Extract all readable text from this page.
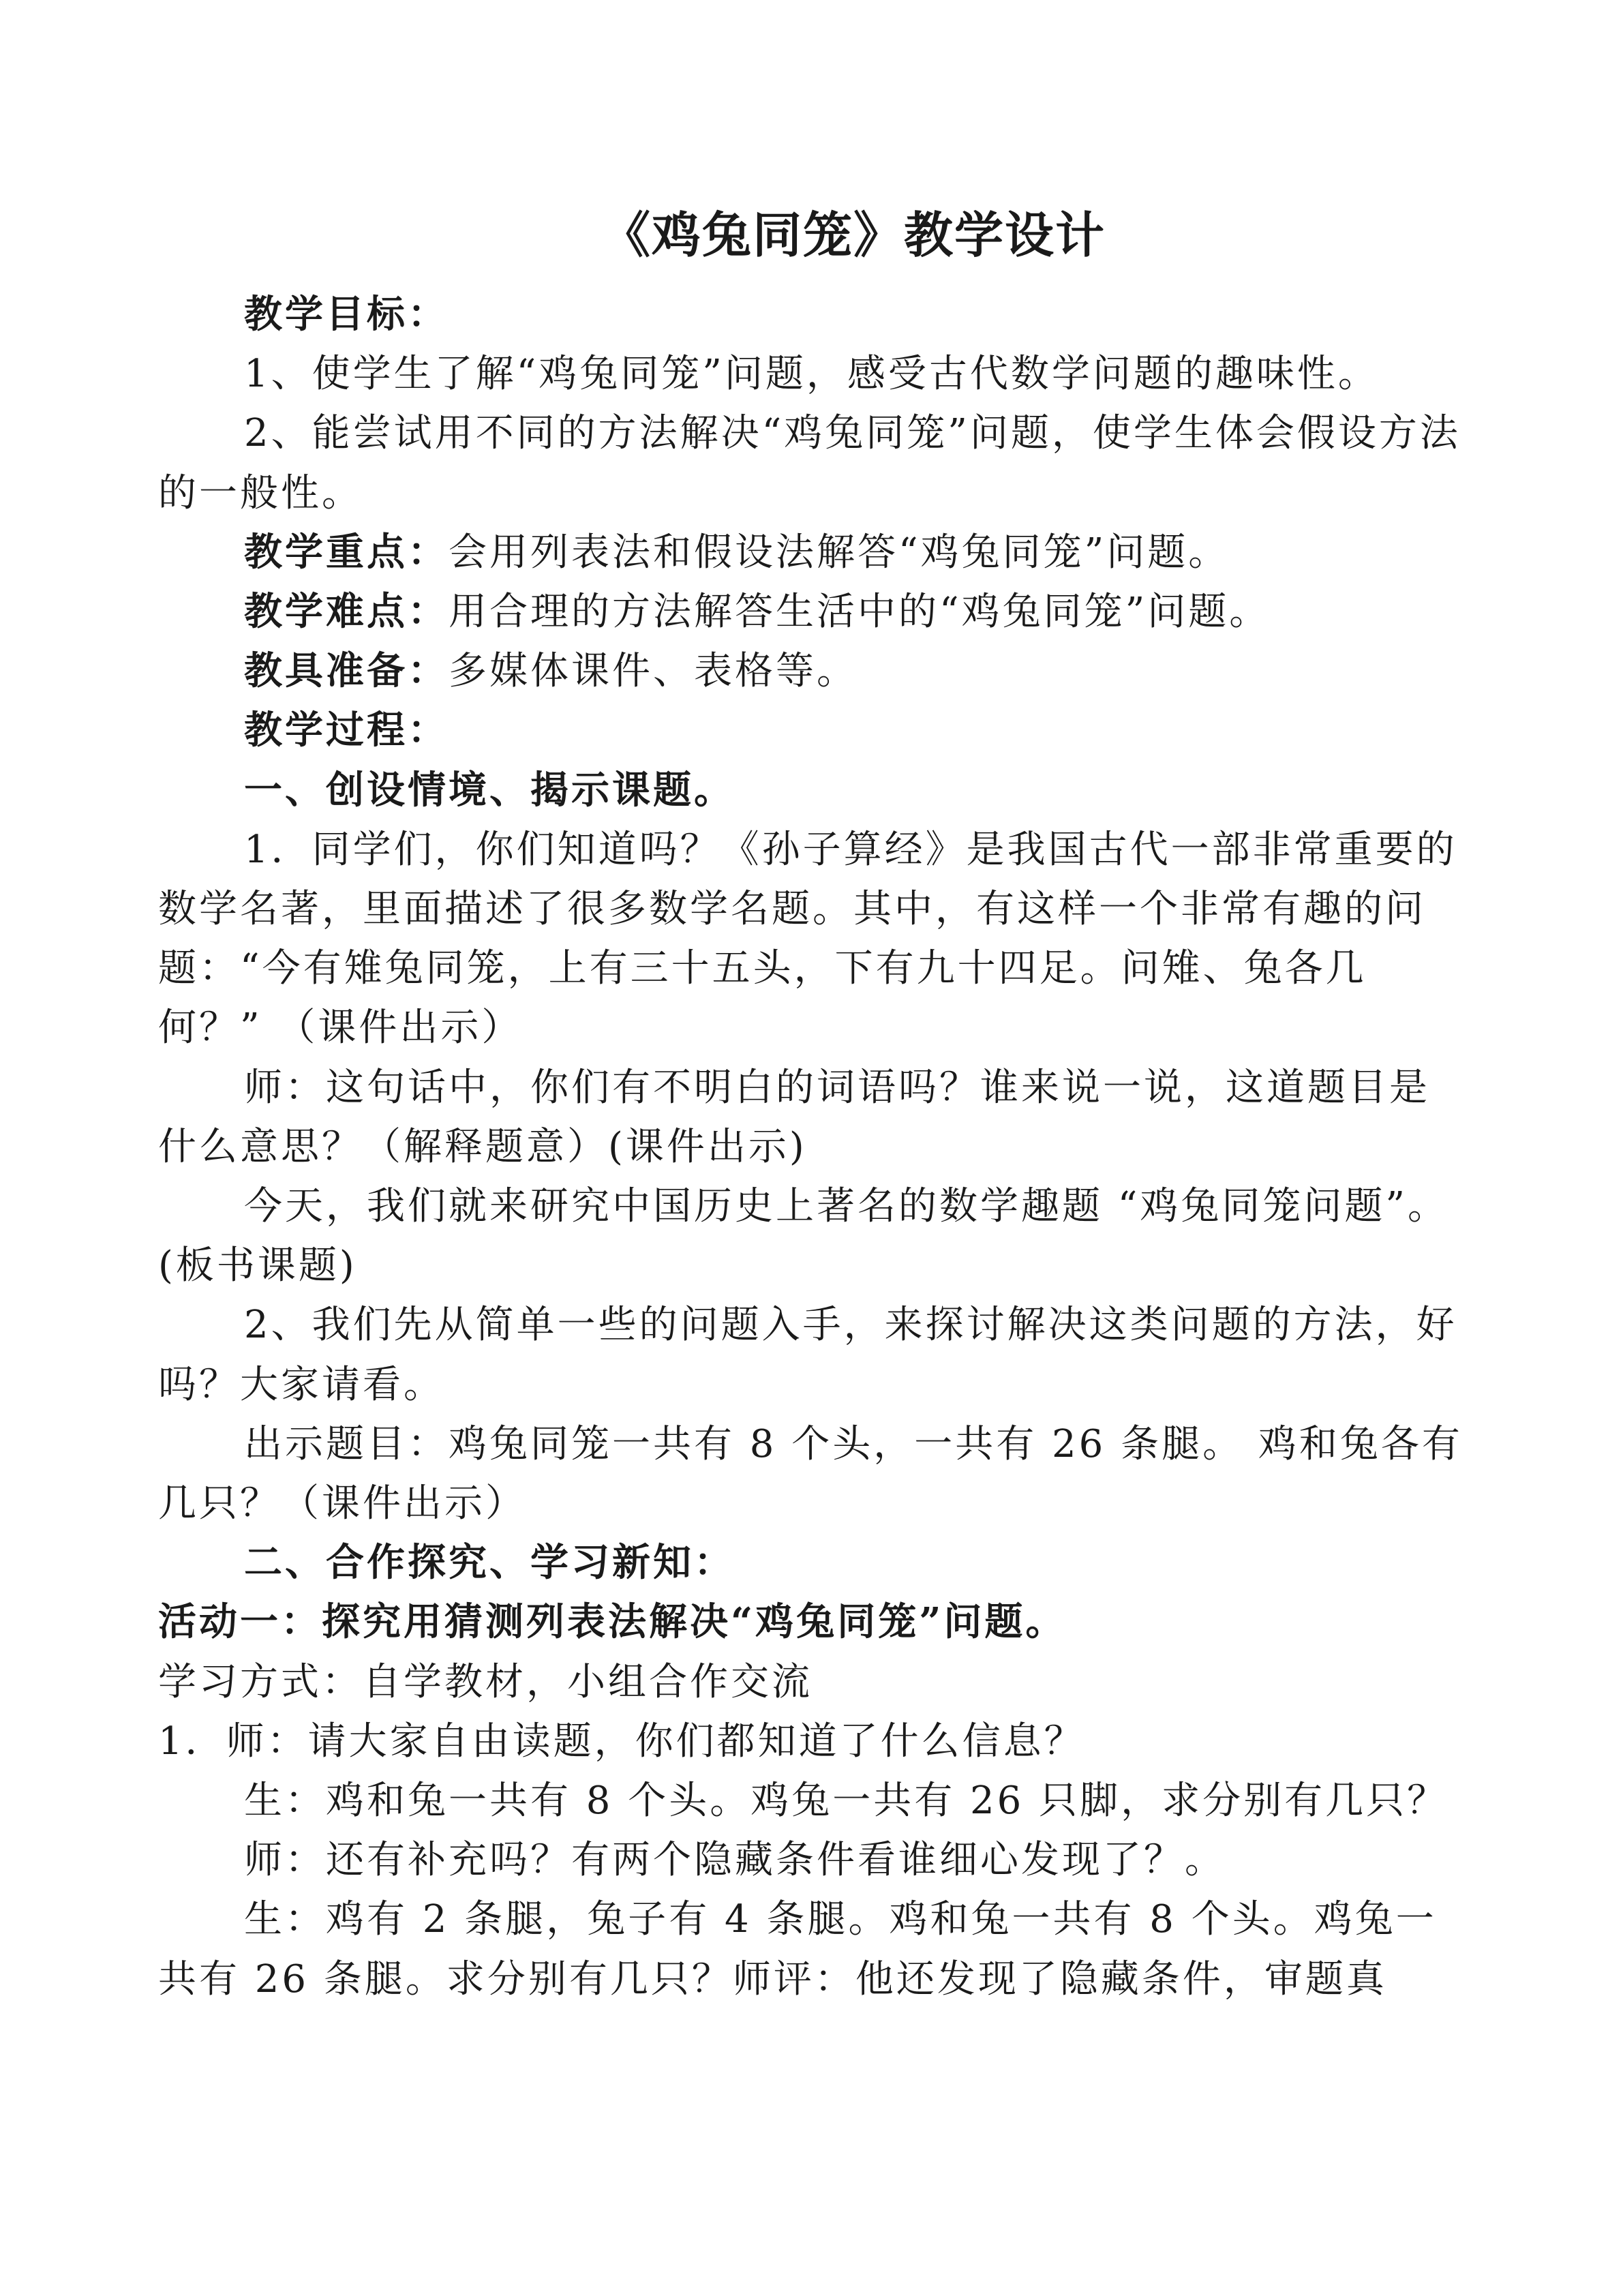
《鸡兔同笼》教学设计

教学目标：

1、使学生了解“鸡兔同笼”问题，感受古代数学问题的趣味性。

2、能尝试用不同的方法解决“鸡兔同笼”问题，使学生体会假设方法的一般性。

教学重点：会用列表法和假设法解答“鸡兔同笼”问题。

教学难点：用合理的方法解答生活中的“鸡兔同笼”问题。

教具准备：多媒体课件、表格等。

教学过程：

一、创设情境、揭示课题。

1．同学们，你们知道吗？《孙子算经》是我国古代一部非常重要的数学名著，里面描述了很多数学名题。其中，有这样一个非常有趣的问题：“今有雉兔同笼，上有三十五头，下有九十四足。问雉、兔各几何？” （课件出示）

师：这句话中，你们有不明白的词语吗？谁来说一说，这道题目是什么意思？（解释题意）(课件出示)

今天，我们就来研究中国历史上著名的数学趣题 “鸡兔同笼问题”。(板书课题)

2、我们先从简单一些的问题入手，来探讨解决这类问题的方法，好吗？大家请看。

出示题目：鸡兔同笼一共有 8 个头，一共有 26 条腿。 鸡和兔各有几只？（课件出示）

二、合作探究、学习新知：

活动一：探究用猜测列表法解决“鸡兔同笼”问题。

学习方式：自学教材，小组合作交流

1．师：请大家自由读题，你们都知道了什么信息？

生：鸡和兔一共有 8 个头。鸡兔一共有 26 只脚，求分别有几只？

师：还有补充吗？有两个隐藏条件看谁细心发现了？。

生：鸡有 2 条腿，兔子有 4 条腿。鸡和兔一共有 8 个头。鸡兔一共有 26 条腿。求分别有几只？师评：他还发现了隐藏条件，审题真
